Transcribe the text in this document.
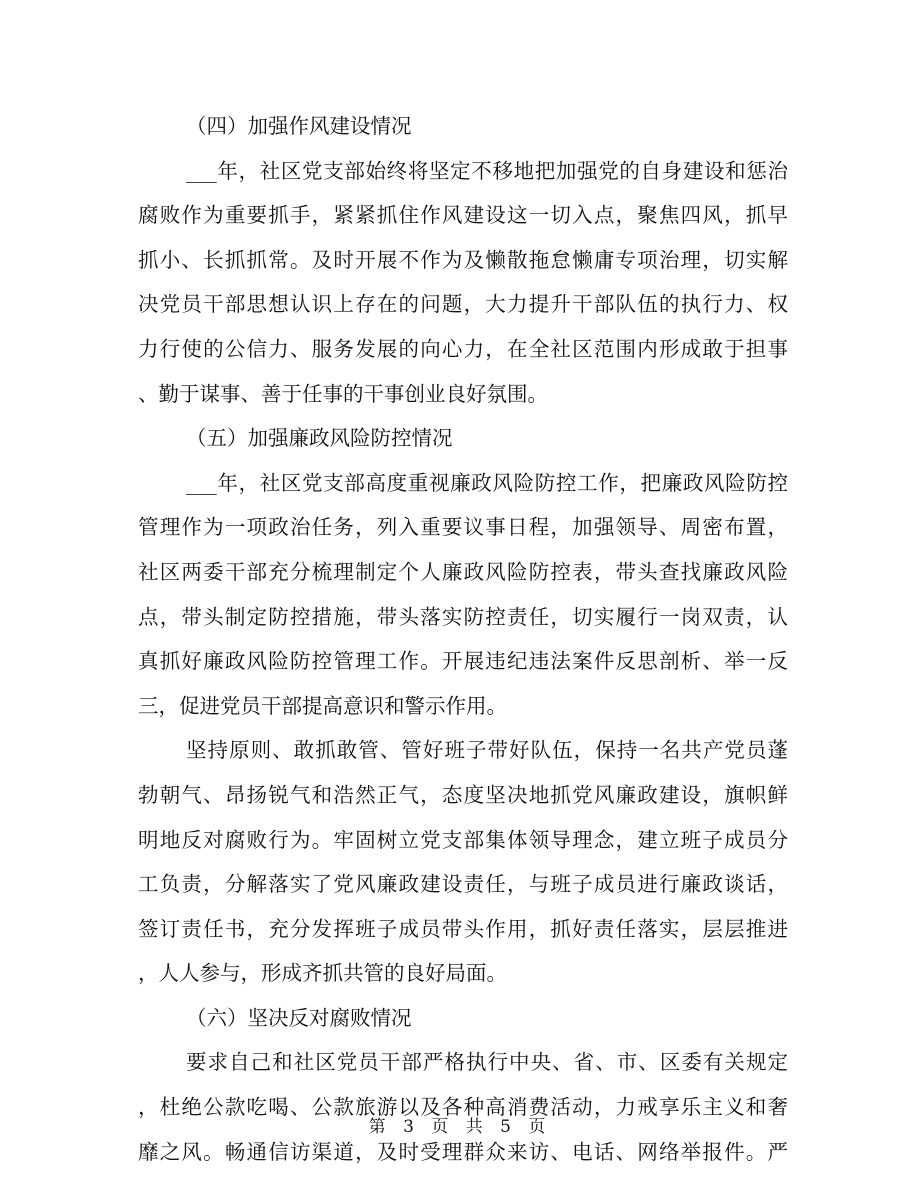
（四）加强作风建设情况
___年，社区党支部始终将坚定不移地把加强党的自身建设和惩治
腐败作为重要抓手，紧紧抓住作风建设这一切入点，聚焦四风，抓早
抓小、长抓抓常。及时开展不作为及懒散拖怠懒庸专项治理，切实解
决党员干部思想认识上存在的问题，大力提升干部队伍的执行力、权
力行使的公信力、服务发展的向心力，在全社区范围内形成敢于担事
、勤于谋事、善于任事的干事创业良好氛围。
（五）加强廉政风险防控情况
___年，社区党支部高度重视廉政风险防控工作，把廉政风险防控
管理作为一项政治任务，列入重要议事日程，加强领导、周密布置，
社区两委干部充分梳理制定个人廉政风险防控表，带头查找廉政风险
点，带头制定防控措施，带头落实防控责任，切实履行一岗双责，认
真抓好廉政风险防控管理工作。开展违纪违法案件反思剖析、举一反
三，促进党员干部提高意识和警示作用。
坚持原则、敢抓敢管、管好班子带好队伍，保持一名共产党员蓬
勃朝气、昂扬锐气和浩然正气，态度坚决地抓党风廉政建设，旗帜鲜
明地反对腐败行为。牢固树立党支部集体领导理念，建立班子成员分
工负责，分解落实了党风廉政建设责任，与班子成员进行廉政谈话，
签订责任书，充分发挥班子成员带头作用，抓好责任落实，层层推进
，人人参与，形成齐抓共管的良好局面。
（六）坚决反对腐败情况
要求自己和社区党员干部严格执行中央、省、市、区委有关规定
，杜绝公款吃喝、公款旅游以及各种高消费活动，力戒享乐主义和奢
靡之风。畅通信访渠道，及时受理群众来访、电话、网络举报件。严
第 3 页 共 5 页
